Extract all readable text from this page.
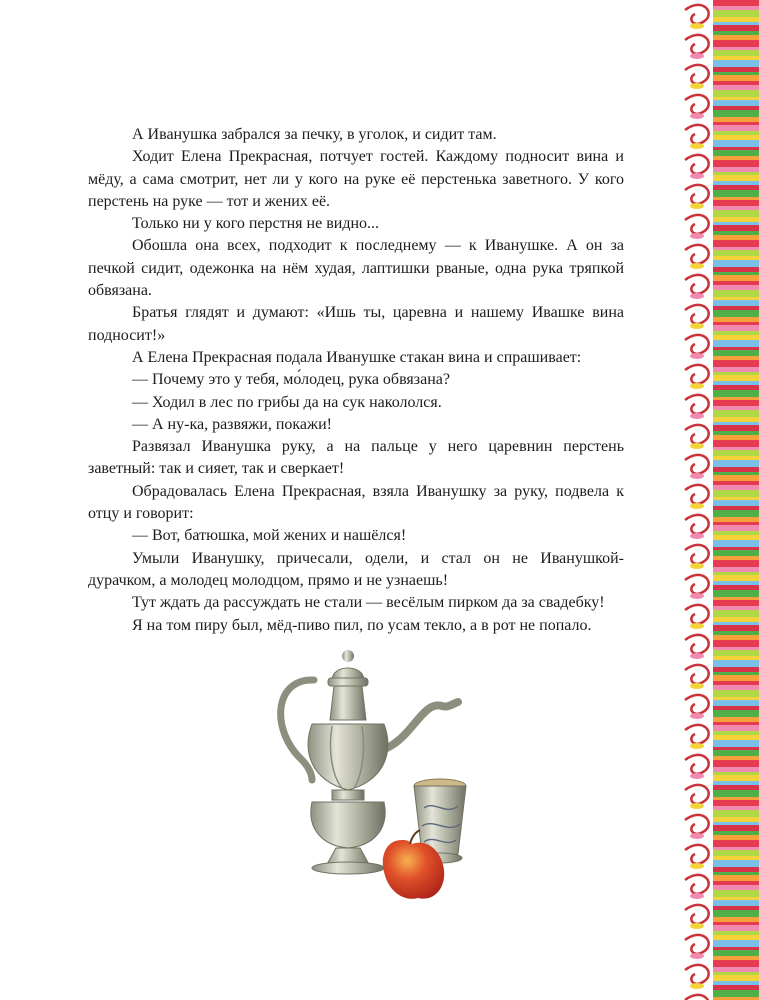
А Иванушка забрался за печку, в уголок, и сидит там.

Ходит Елена Прекрасная, потчует гостей. Каждому подносит вина и мёду, а сама смотрит, нет ли у кого на руке её перстенька заветного. У кого перстень на руке — тот и жених её.

Только ни у кого перстня не видно...

Обошла она всех, подходит к последнему — к Иванушке. А он за печкой сидит, одежонка на нём худая, лаптишки рваные, одна рука тряпкой обвязана.

Братья глядят и думают: «Ишь ты, царевна и нашему Ивашке вина подносит!»

А Елена Прекрасная подала Иванушке стакан вина и спрашивает:

— Почему это у тебя, мо́лодец, рука обвязана?

— Ходил в лес по грибы да на сук накололся.

— А ну-ка, развяжи, покажи!

Развязал Иванушка руку, а на пальце у него царевнин перстень заветный: так и сияет, так и сверкает!

Обрадовалась Елена Прекрасная, взяла Иванушку за руку, подвела к отцу и говорит:

— Вот, батюшка, мой жених и нашёлся!

Умыли Иванушку, причесали, одели, и стал он не Иванушкой-дурачком, а молодец молодцом, прямо и не узнаешь!

Тут ждать да рассуждать не стали — весёлым пирком да за свадебку!

Я на том пиру был, мёд-пиво пил, по усам текло, а в рот не попало.
